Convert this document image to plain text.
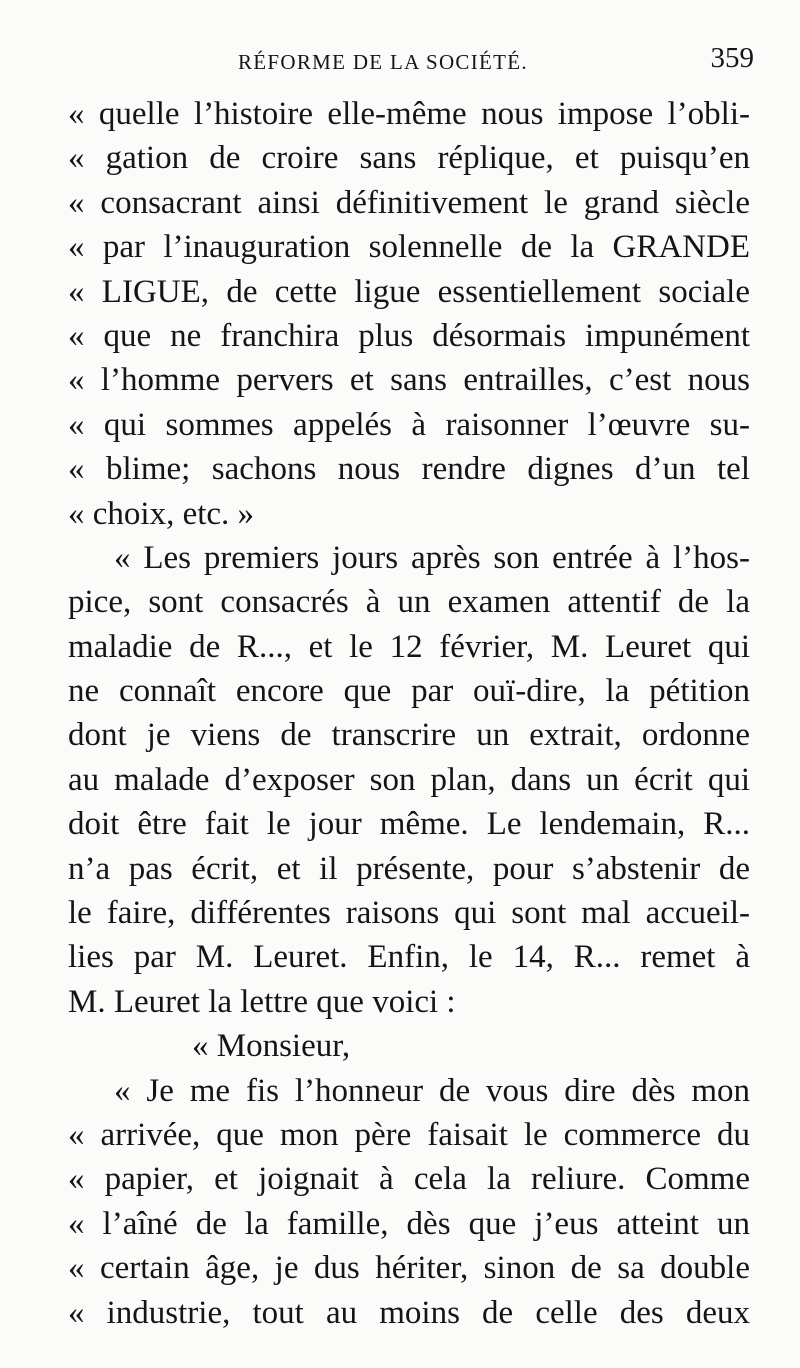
RÉFORME DE LA SOCIÉTÉ.	359
« quelle l’histoire elle-même nous impose l’obli-
« gation de croire sans réplique, et puisqu’en
« consacrant ainsi définitivement le grand siècle
« par l’inauguration solennelle de la GRANDE
« LIGUE, de cette ligue essentiellement sociale
« que ne franchira plus désormais impunément
« l’homme pervers et sans entrailles, c’est nous
« qui sommes appelés à raisonner l’œuvre su-
« blime; sachons nous rendre dignes d’un tel
« choix, etc. »
« Les premiers jours après son entrée à l’hos-
pice, sont consacrés à un examen attentif de la
maladie de R..., et le 12 février, M. Leuret qui
ne connaît encore que par ouï-dire, la pétition
dont je viens de transcrire un extrait, ordonne
au malade d’exposer son plan, dans un écrit qui
doit être fait le jour même. Le lendemain, R...
n’a pas écrit, et il présente, pour s’abstenir de
le faire, différentes raisons qui sont mal accueil-
lies par M. Leuret. Enfin, le 14, R... remet à
M. Leuret la lettre que voici :
« Monsieur,
« Je me fis l’honneur de vous dire dès mon
« arrivée, que mon père faisait le commerce du
« papier, et joignait à cela la reliure. Comme
« l’aîné de la famille, dès que j’eus atteint un
« certain âge, je dus hériter, sinon de sa double
« industrie, tout au moins de celle des deux
